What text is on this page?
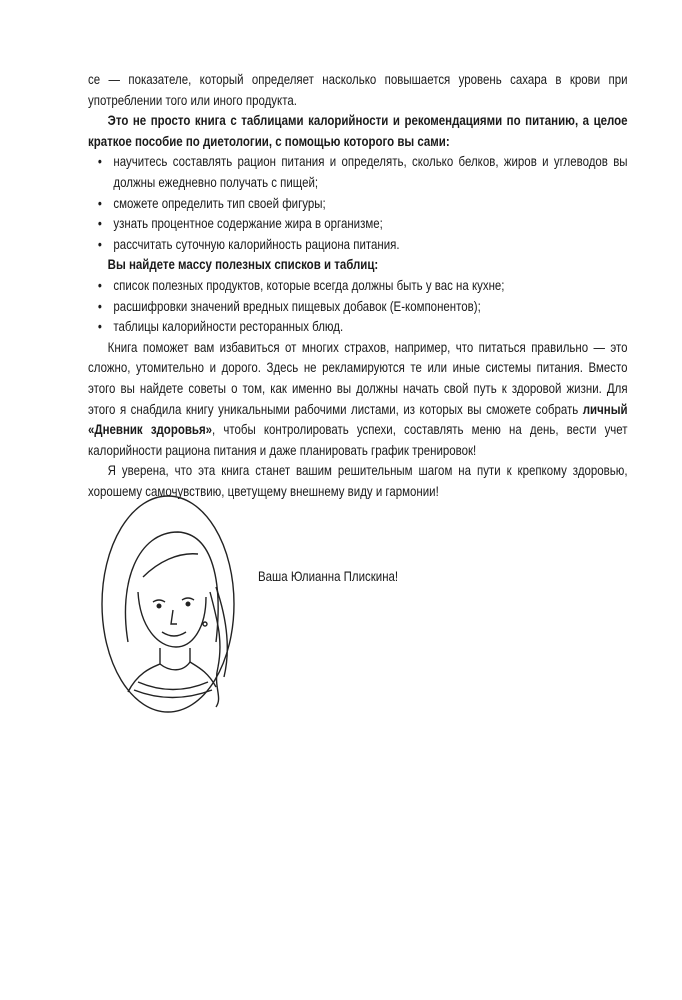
се — показателе, который определяет насколько повышается уровень сахара в крови при употреблении того или иного продукта.

Это не просто книга с таблицами калорийности и рекомендациями по питанию, а целое краткое пособие по диетологии, с помощью которого вы сами:

• научитесь составлять рацион питания и определять, сколько белков, жиров и углеводов вы должны ежедневно получать с пищей;
• сможете определить тип своей фигуры;
• узнать процентное содержание жира в организме;
• рассчитать суточную калорийность рациона питания.

Вы найдете массу полезных списков и таблиц:

• список полезных продуктов, которые всегда должны быть у вас на кухне;
• расшифровки значений вредных пищевых добавок (Е-компонентов);
• таблицы калорийности ресторанных блюд.

Книга поможет вам избавиться от многих страхов, например, что питаться правильно — это сложно, утомительно и дорого. Здесь не рекламируются те или иные системы питания. Вместо этого вы найдете советы о том, как именно вы должны начать свой путь к здоровой жизни. Для этого я снабдила книгу уникальными рабочими листами, из которых вы сможете собрать личный «Дневник здоровья», чтобы контролировать успехи, составлять меню на день, вести учет калорийности рациона питания и даже планировать график тренировок!

Я уверена, что эта книга станет вашим решительным шагом на пути к крепкому здоровью, хорошему самочувствию, цветущему внешнему виду и гармонии!

Ваша Юлианна Плискина!
